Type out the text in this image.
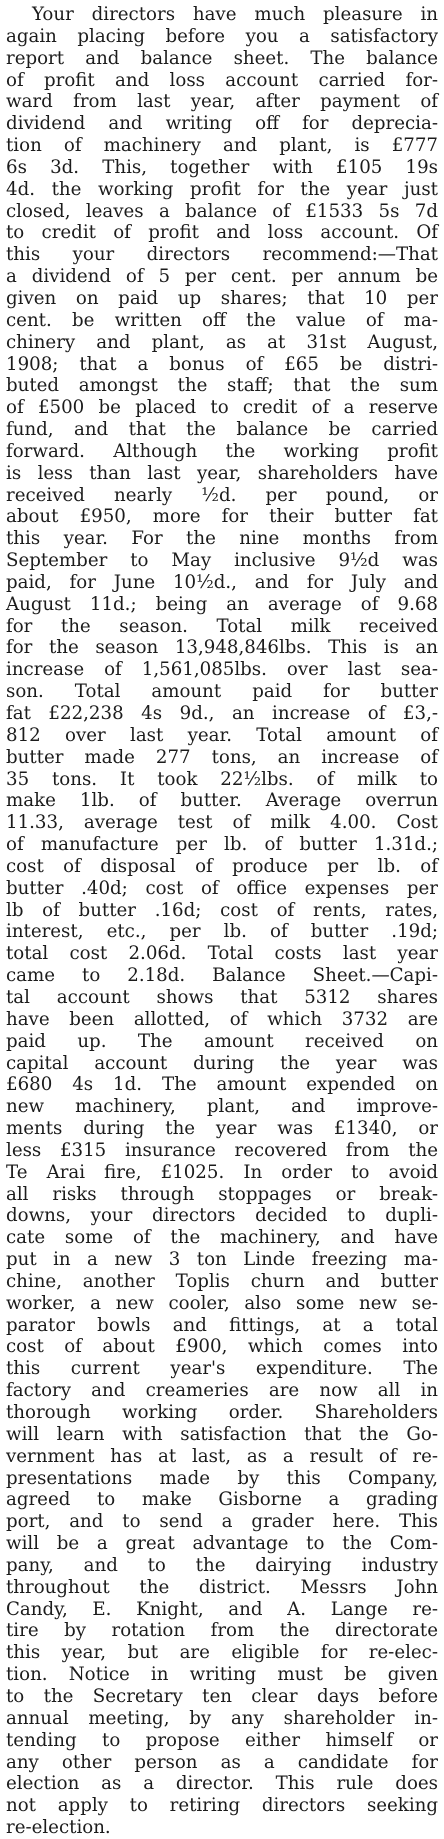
Your directors have much pleasure in
again placing before you a satisfactory
report and balance sheet. The balance
of profit and loss account carried for-
ward from last year, after payment of
dividend and writing off for deprecia-
tion of machinery and plant, is £777
6s 3d. This, together with £105 19s
4d. the working profit for the year just
closed, leaves a balance of £1533 5s 7d
to credit of profit and loss account. Of
this your directors recommend:—That
a dividend of 5 per cent. per annum be
given on paid up shares; that 10 per
cent. be written off the value of ma-
chinery and plant, as at 31st August,
1908; that a bonus of £65 be distri-
buted amongst the staff; that the sum
of £500 be placed to credit of a reserve
fund, and that the balance be carried
forward. Although the working profit
is less than last year, shareholders have
received nearly ½d. per pound, or
about £950, more for their butter fat
this year. For the nine months from
September to May inclusive 9½d was
paid, for June 10½d., and for July and
August 11d.; being an average of 9.68
for the season. Total milk received
for the season 13,948,846lbs. This is an
increase of 1,561,085lbs. over last sea-
son. Total amount paid for butter
fat £22,238 4s 9d., an increase of £3,-
812 over last year. Total amount of
butter made 277 tons, an increase of
35 tons. It took 22½lbs. of milk to
make 1lb. of butter. Average overrun
11.33, average test of milk 4.00. Cost
of manufacture per lb. of butter 1.31d.;
cost of disposal of produce per lb. of
butter .40d; cost of office expenses per
lb of butter .16d; cost of rents, rates,
interest, etc., per lb. of butter .19d;
total cost 2.06d. Total costs last year
came to 2.18d. Balance Sheet.—Capi-
tal account shows that 5312 shares
have been allotted, of which 3732 are
paid up. The amount received on
capital account during the year was
£680 4s 1d. The amount expended on
new machinery, plant, and improve-
ments during the year was £1340, or
less £315 insurance recovered from the
Te Arai fire, £1025. In order to avoid
all risks through stoppages or break-
downs, your directors decided to dupli-
cate some of the machinery, and have
put in a new 3 ton Linde freezing ma-
chine, another Toplis churn and butter
worker, a new cooler, also some new se-
parator bowls and fittings, at a total
cost of about £900, which comes into
this current year's expenditure. The
factory and creameries are now all in
thorough working order. Shareholders
will learn with satisfaction that the Go-
vernment has at last, as a result of re-
presentations made by this Company,
agreed to make Gisborne a grading
port, and to send a grader here. This
will be a great advantage to the Com-
pany, and to the dairying industry
throughout the district. Messrs John
Candy, E. Knight, and A. Lange re-
tire by rotation from the directorate
this year, but are eligible for re-elec-
tion. Notice in writing must be given
to the Secretary ten clear days before
annual meeting, by any shareholder in-
tending to propose either himself or
any other person as a candidate for
election as a director. This rule does
not apply to retiring directors seeking
re-election.
